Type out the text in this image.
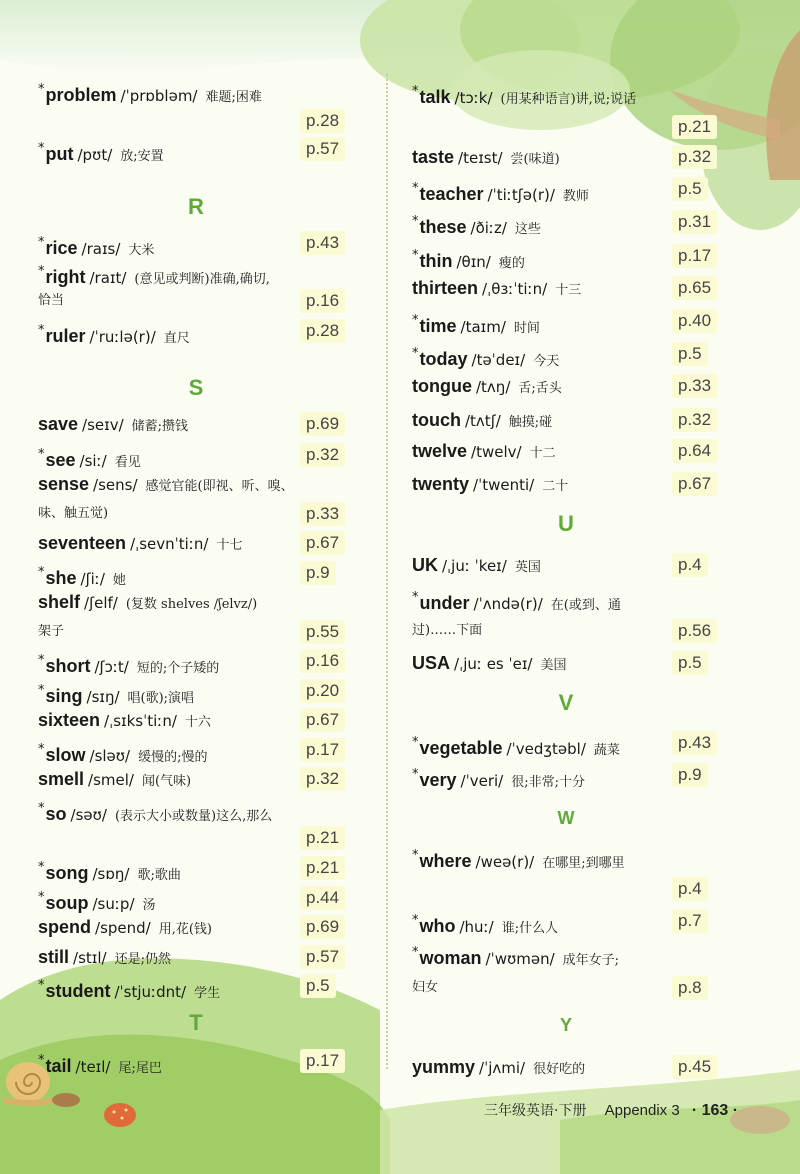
*problem /ˈprɒbləm/ 难题;困难
p.28
*put /pʊt/ 放;安置	p.57
R
*rice /raɪs/ 大米	p.43
*right /raɪt/ (意见或判断)准确,确切,
恰当	p.16
*ruler /ˈruːlə(r)/ 直尺	p.28
S
save /seɪv/ 储蓄;攒钱	p.69
*see /siː/ 看见	p.32
sense /sens/ 感觉官能(即视、听、嗅、
味、触五觉)	p.33
seventeen /ˌsevnˈtiːn/ 十七	p.67
*she /ʃiː/ 她	p.9
shelf /ʃelf/ (复数 shelves /ʃelvz/)
架子	p.55
*short /ʃɔːt/ 短的;个子矮的	p.16
*sing /sɪŋ/ 唱(歌);演唱	p.20
sixteen /ˌsɪksˈtiːn/ 十六	p.67
*slow /sləʊ/ 缓慢的;慢的	p.17
smell /smel/ 闻(气味)	p.32
*so /səʊ/ (表示大小或数量)这么,那么
p.21
*song /sɒŋ/ 歌;歌曲	p.21
*soup /suːp/ 汤	p.44
spend /spend/ 用,花(钱)	p.69
still /stɪl/ 还是;仍然	p.57
*student /ˈstjuːdnt/ 学生	p.5
T
*tail /teɪl/ 尾;尾巴	p.17
*talk /tɔːk/ (用某种语言)讲,说;说话
p.21
taste /teɪst/ 尝(味道)	p.32
*teacher /ˈtiːtʃə(r)/ 教师	p.5
*these /ðiːz/ 这些	p.31
*thin /θɪn/ 瘦的	p.17
thirteen /ˌθɜːˈtiːn/ 十三	p.65
*time /taɪm/ 时间	p.40
*today /təˈdeɪ/ 今天	p.5
tongue /tʌŋ/ 舌;舌头	p.33
touch /tʌtʃ/ 触摸;碰	p.32
twelve /twelv/ 十二	p.64
twenty /ˈtwenti/ 二十	p.67
U
UK /ˌjuː ˈkeɪ/ 英国	p.4
*under /ˈʌndə(r)/ 在(或到、通
过)……下面	p.56
USA /ˌjuː es ˈeɪ/ 美国	p.5
V
*vegetable /ˈvedʒtəbl/ 蔬菜	p.43
*very /ˈveri/ 很;非常;十分	p.9
W
*where /weə(r)/ 在哪里;到哪里
p.4
*who /huː/ 谁;什么人	p.7
*woman /ˈwʊmən/ 成年女子;
妇女	p.8
Y
yummy /ˈjʌmi/ 很好吃的	p.45
三年级英语·下册 Appendix 3 · 163 ·
